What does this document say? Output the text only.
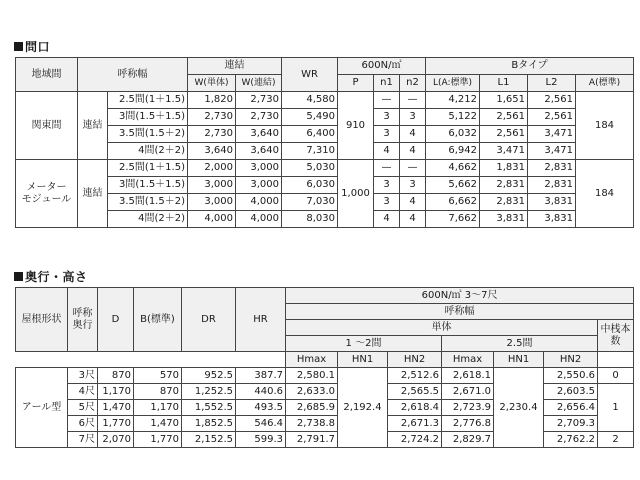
問口
地域間	呼称幅		連結		WR	600N/㎡			Bタイプ			
			W(単体)	W(連結)		P	n1	n2	L(A:標準)	L1	L2	A(標準)
関東間	連結	2.5間(1＋1.5)	1,820	2,730	4,580	910	—	—	4,212	1,651	2,561	184
		3間(1.5＋1.5)	2,730	2,730	5,490		3	3	5,122	2,561	2,561	
		3.5間(1.5＋2)	2,730	3,640	6,400		3	4	6,032	2,561	3,471	
		4間(2＋2)	3,640	3,640	7,310		4	4	6,942	3,471	3,471	
メーター
モジュール	連結	2.5間(1＋1.5)	2,000	3,000	5,030	1,000	—	—	4,662	1,831	2,831	184
		3間(1.5＋1.5)	3,000	3,000	6,030		3	3	5,662	2,831	2,831	
		3.5間(1.5＋2)	3,000	4,000	7,030		3	4	6,662	2,831	3,831	
		4間(2＋2)	4,000	4,000	8,030		4	4	7,662	3,831	3,831	
奥行・高さ
屋根形状	呼称奥行	D	B(標準)	DR	HR	600N/㎡ 3〜7尺						
						呼称幅						
						単体						中桟本数
						1 〜2間			2.5間			
						Hmax	HN1	HN2	Hmax	HN1	HN2	
アール型	3尺	870	570	952.5	387.7	2,580.1	2,192.4	2,512.6	2,618.1	2,230.4	2,550.6	0
	4尺	1,170	870	1,252.5	440.6	2,633.0		2,565.5	2,671.0		2,603.5	1
	5尺	1,470	1,170	1,552.5	493.5	2,685.9		2,618.4	2,723.9		2,656.4	
	6尺	1,770	1,470	1,852.5	546.4	2,738.8		2,671.3	2,776.8		2,709.3	
	7尺	2,070	1,770	2,152.5	599.3	2,791.7		2,724.2	2,829.7		2,762.2	2
